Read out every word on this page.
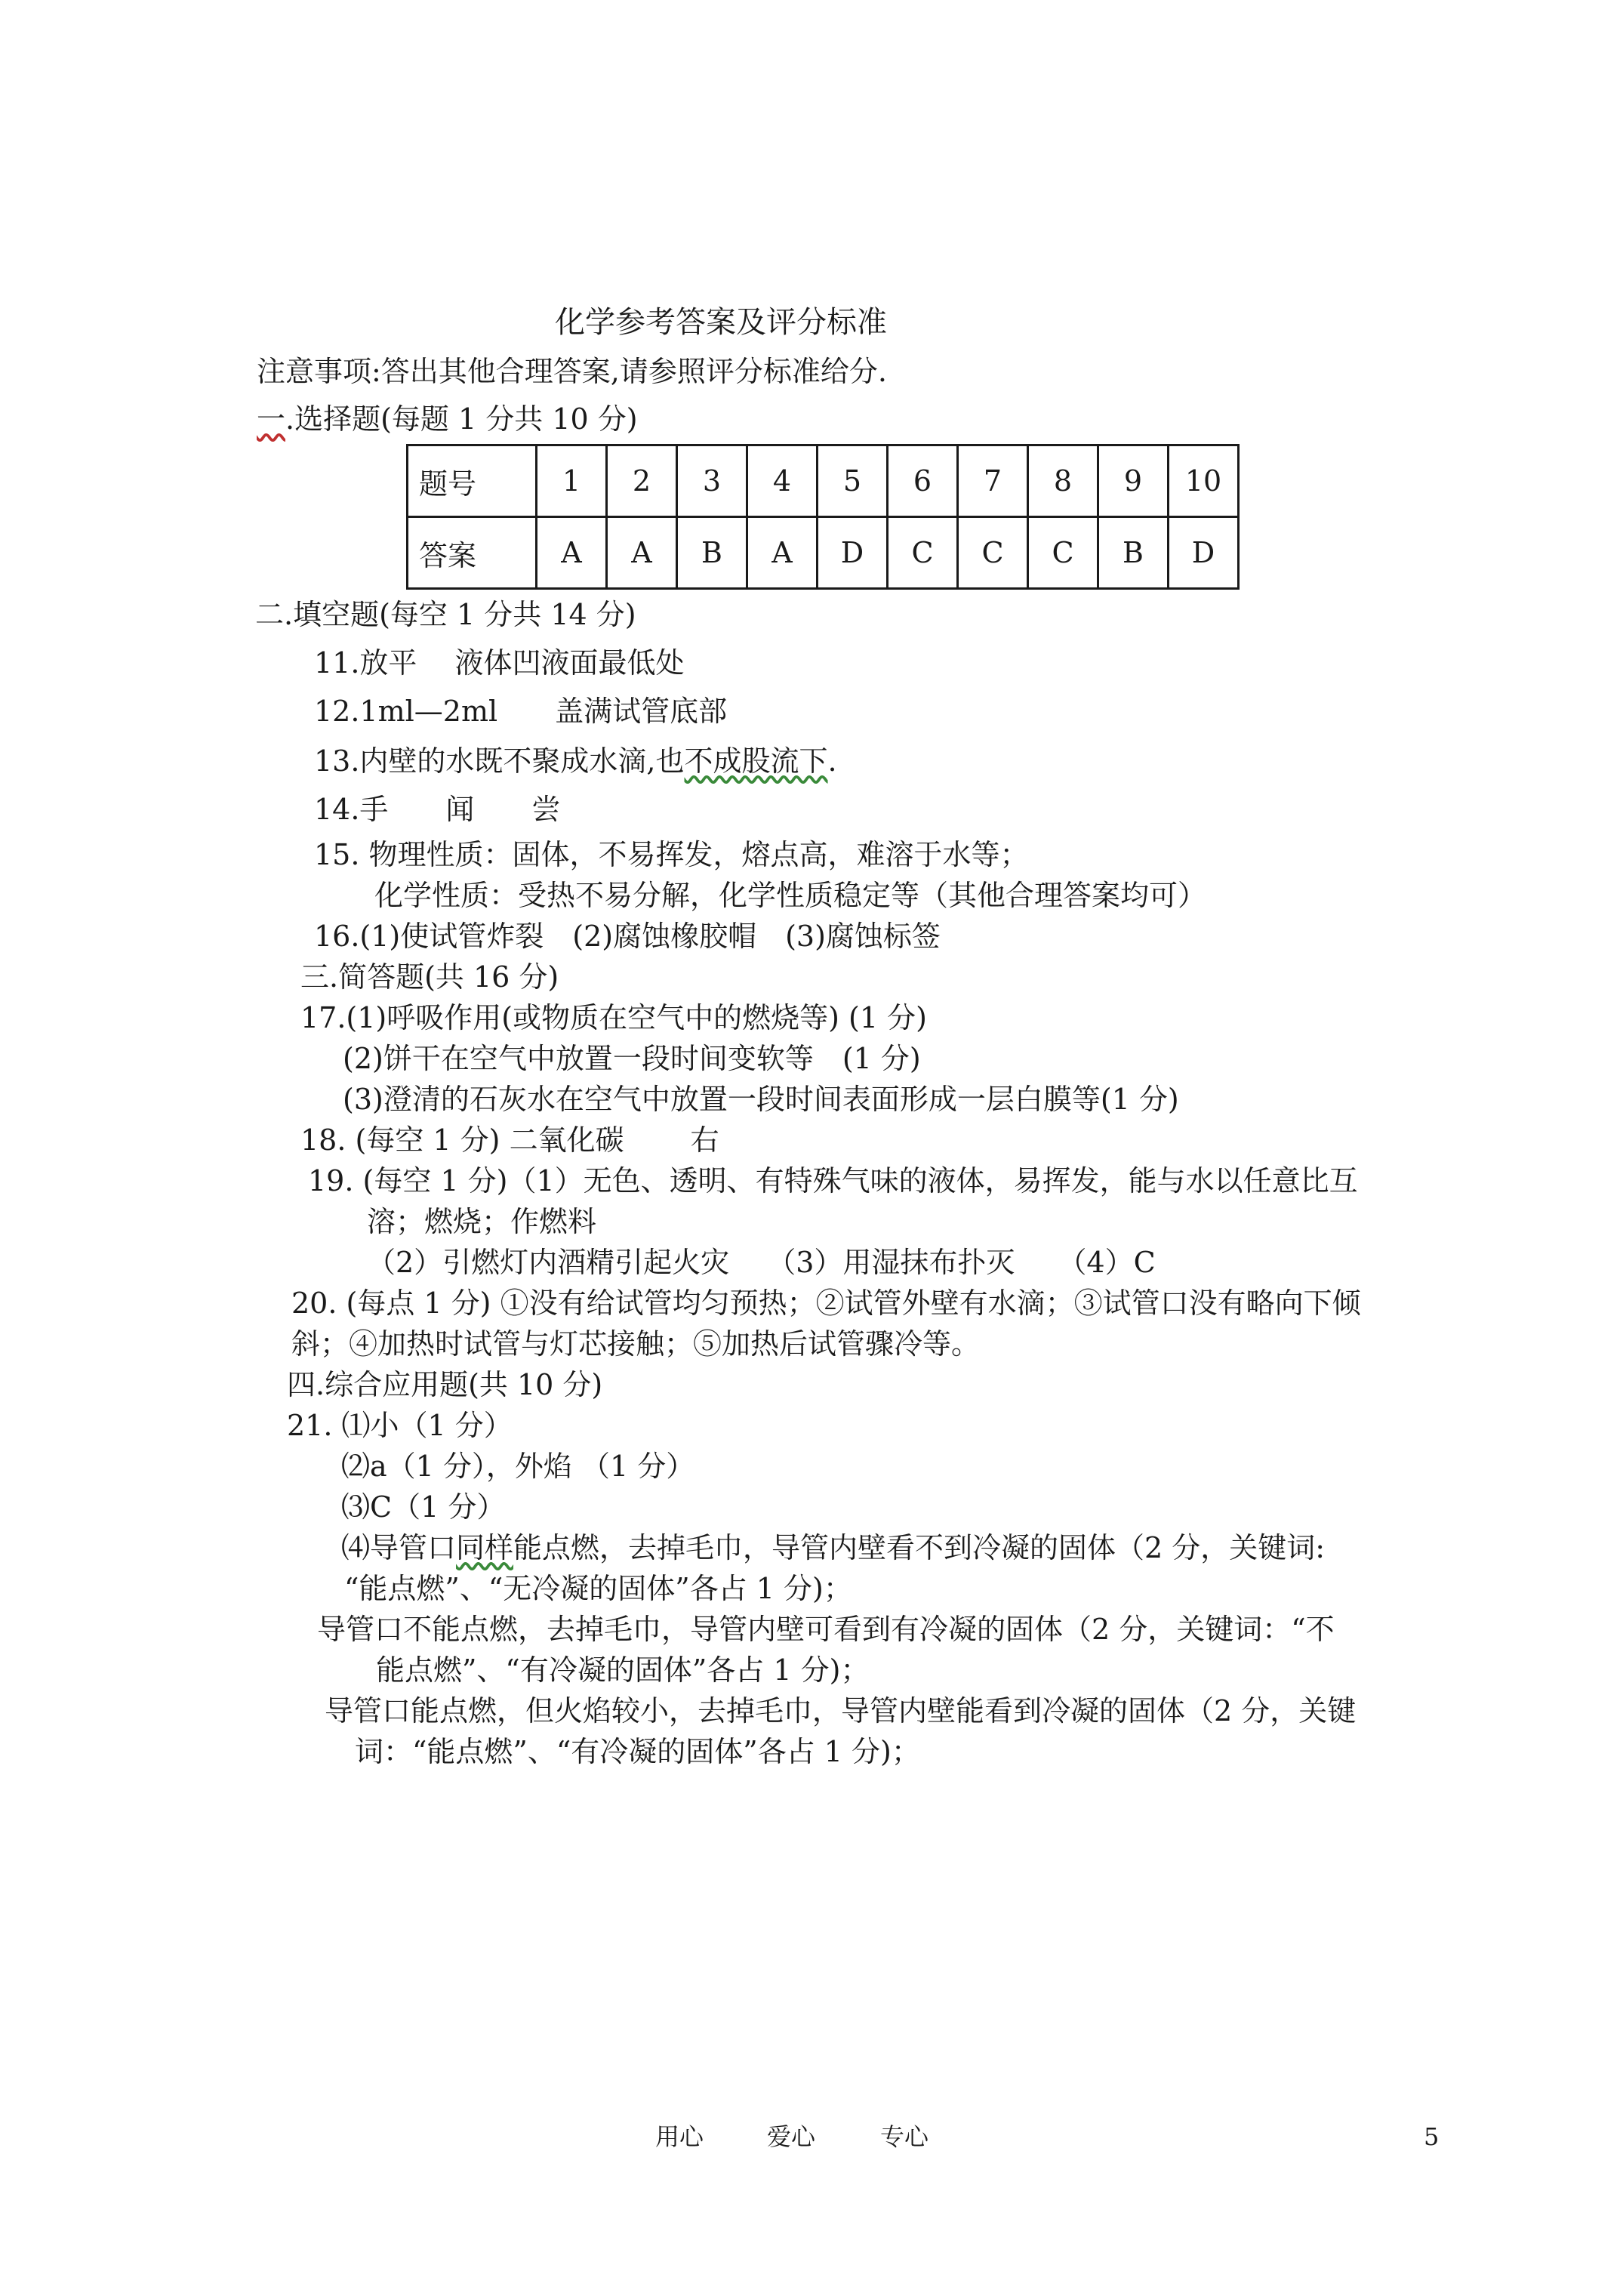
化学参考答案及评分标准
注意事项:答出其他合理答案,请参照评分标准给分.
一.选择题(每题 1 分共 10 分)
题号	1	2	3	4	5	6	7	8	9	10
答案	A	A	B	A	D	C	C	C	B	D
二.填空题(每空 1 分共 14 分)
11.放平　 液体凹液面最低处
12.1ml—2ml　　盖满试管底部
13.内壁的水既不聚成水滴,也不成股流下.
14.手　　闻　　尝
15. 物理性质：固体，不易挥发，熔点高，难溶于水等；
化学性质：受热不易分解，化学性质稳定等（其他合理答案均可）
16.(1)使试管炸裂　(2)腐蚀橡胶帽　(3)腐蚀标签
三.简答题(共 16 分)
17.(1)呼吸作用(或物质在空气中的燃烧等) (1 分)
(2)饼干在空气中放置一段时间变软等　(1 分)
(3)澄清的石灰水在空气中放置一段时间表面形成一层白膜等(1 分)
18. (每空 1 分) 二氧化碳　　 右
19. (每空 1 分)（1）无色、透明、有特殊气味的液体，易挥发，能与水以任意比互
溶；燃烧；作燃料
（2）引燃灯内酒精引起火灾　 （3）用湿抹布扑灭　　（4）C
20. (每点 1 分) ①没有给试管均匀预热；②试管外壁有水滴；③试管口没有略向下倾
斜；④加热时试管与灯芯接触；⑤加热后试管骤冷等。
四.综合应用题(共 10 分)
21. ⑴小（1 分）
⑵a（1 分），外焰 （1 分）
⑶C（1 分）
⑷导管口同样能点燃，去掉毛巾，导管内壁看不到冷凝的固体（2 分，关键词:
“能点燃”、“无冷凝的固体”各占 1 分)；
导管口不能点燃，去掉毛巾，导管内壁可看到有冷凝的固体（2 分，关键词：“不
能点燃”、“有冷凝的固体”各占 1 分)；
导管口能点燃，但火焰较小，去掉毛巾，导管内壁能看到冷凝的固体（2 分，关键
词：“能点燃”、“有冷凝的固体”各占 1 分)；
用心	爱心	专心	5
